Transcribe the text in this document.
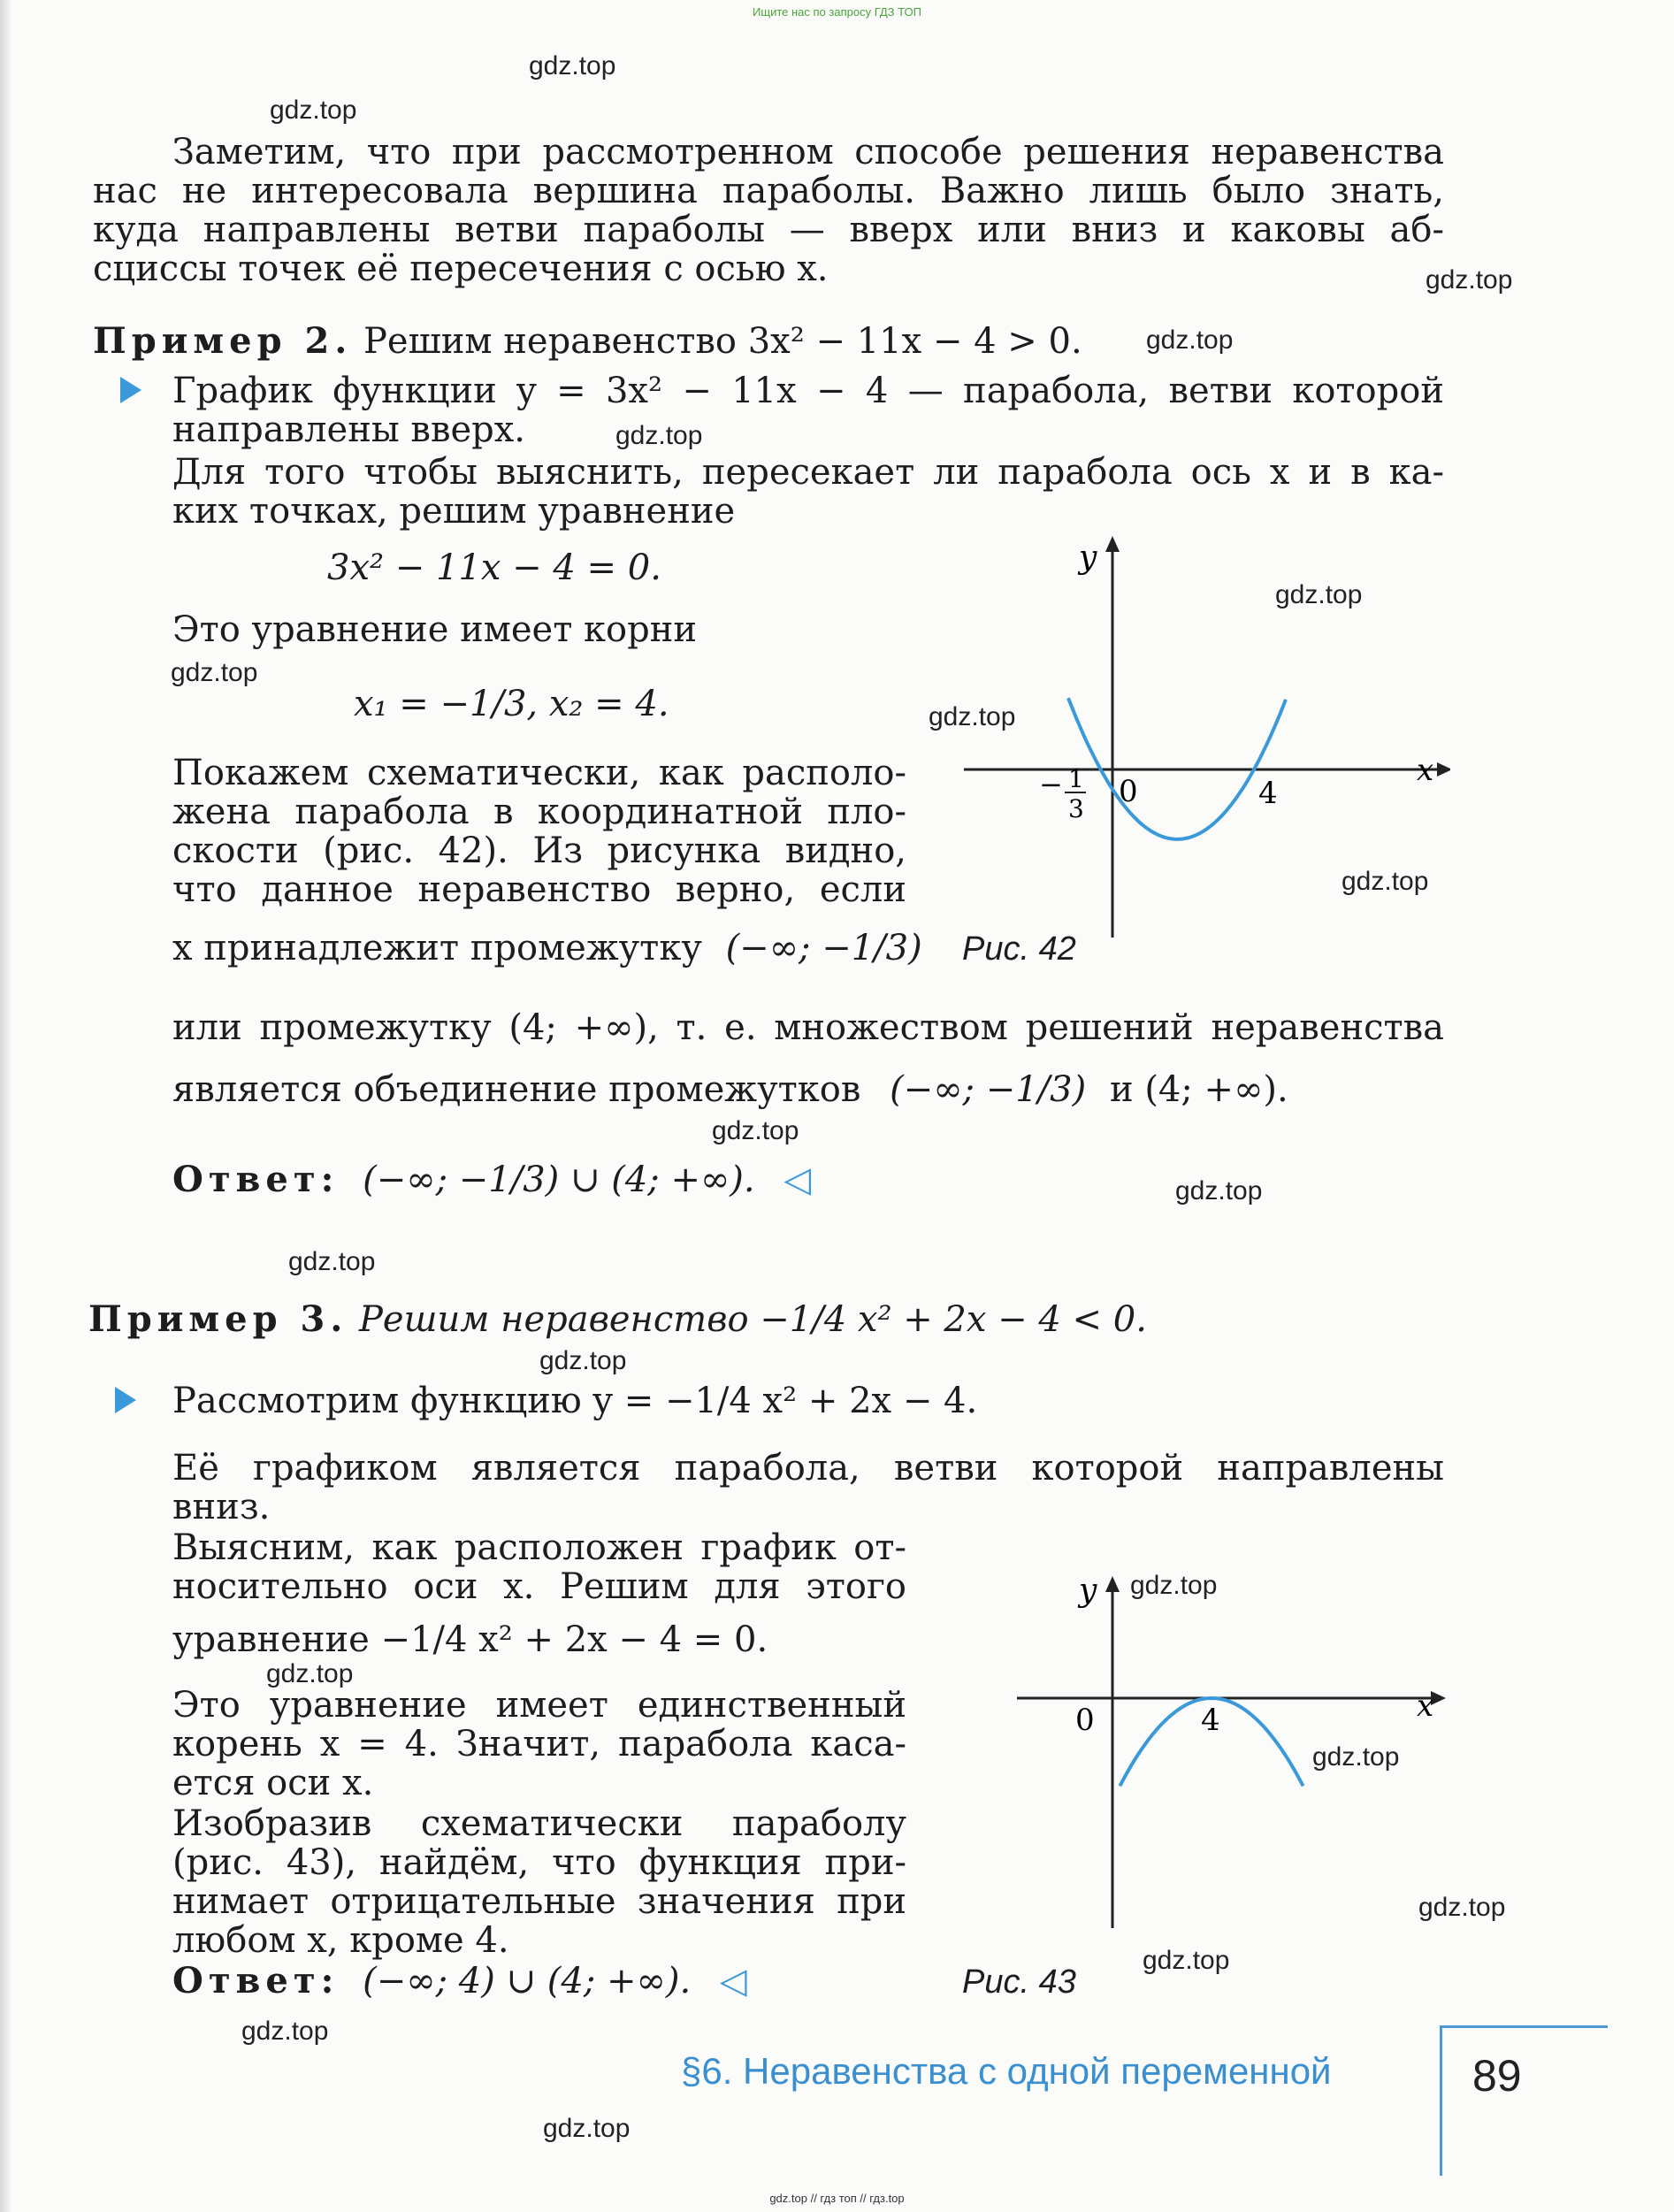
Ищите нас по запросу ГДЗ ТОП
gdz.top
gdz.top
gdz.top
gdz.top
gdz.top
gdz.top
gdz.top
gdz.top
gdz.top
gdz.top
gdz.top
gdz.top
gdz.top
gdz.top
gdz.top
gdz.top
gdz.top
gdz.top
gdz.top
gdz.top
Заметим, что при рассмотренном способе решения неравенства
нас не интересовала вершина параболы. Важно лишь было знать,
куда направлены ветви параболы — вверх или вниз и каковы аб-
сциссы точек её пересечения с осью x.
Пример 2. Решим неравенство 3x² − 11x − 4 > 0.
График функции y = 3x² − 11x − 4 — парабола, ветви которой
направлены вверх.
Для того чтобы выяснить, пересекает ли парабола ось x и в ка-
ких точках, решим уравнение
3x² − 11x − 4 = 0.
Это уравнение имеет корни
x₁ = −1/3, x₂ = 4.
Покажем схематически, как располо-
жена парабола в координатной пло-
скости (рис. 42). Из рисунка видно,
что данное неравенство верно, если
x принадлежит промежутку (−∞; −1/3)
или промежутку (4; +∞), т. е. множеством решений неравенства
является объединение промежутков (−∞; −1/3) и (4; +∞).
Ответ: (−∞; −1/3) ∪ (4; +∞). ◁
x
y
0	4
− 1
3
Рис. 42
Пример 3. Решим неравенство −1/4 x² + 2x − 4 < 0.
Рассмотрим функцию y = −1/4 x² + 2x − 4.
Её графиком является парабола, ветви которой направлены
вниз.
Выясним, как расположен график от-
носительно оси x. Решим для этого
уравнение −1/4 x² + 2x − 4 = 0.
Это уравнение имеет единственный
корень x = 4. Значит, парабола каса-
ется оси x.
Изобразив схематически параболу
(рис. 43), найдём, что функция при-
нимает отрицательные значения при
любом x, кроме 4.
Ответ: (−∞; 4) ∪ (4; +∞). ◁
x
y
0	4
Рис. 43
§6. Неравенства с одной переменной	89
gdz.top // гдз топ // гдз.top
